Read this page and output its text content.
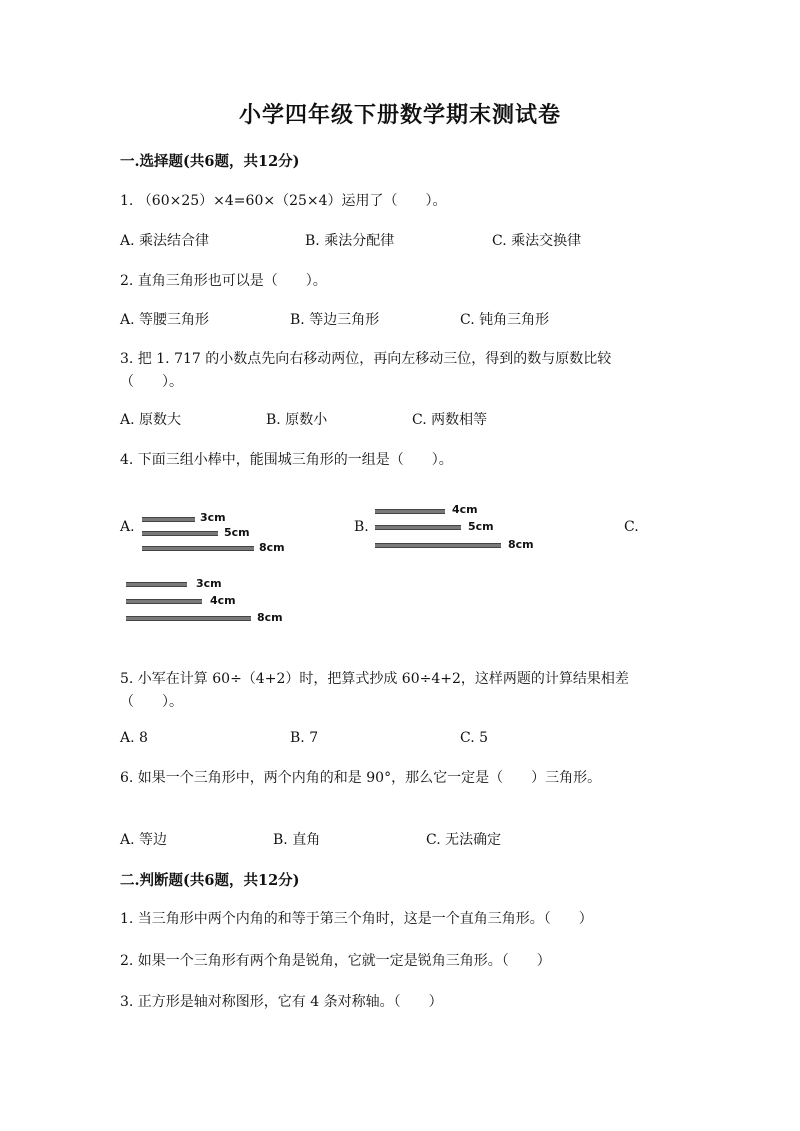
小学四年级下册数学期末测试卷
一.选择题(共6题，共12分)
1. （60×25）×4=60×（25×4）运用了（　　）。
A. 乘法结合律	B. 乘法分配律	C. 乘法交换律
2. 直角三角形也可以是（　　）。
A. 等腰三角形	B. 等边三角形	C. 钝角三角形
3. 把 1. 717 的小数点先向右移动两位，再向左移动三位，得到的数与原数比较
（　　）。
A. 原数大	B. 原数小	C. 两数相等
4. 下面三组小棒中，能围城三角形的一组是（　　）。
A.
3cm
5cm
8cm
B.
4cm
5cm
8cm
C.
3cm
4cm
8cm
5. 小军在计算 60÷（4+2）时，把算式抄成 60÷4+2，这样两题的计算结果相差
（　　）。
A. 8	B. 7	C. 5
6. 如果一个三角形中，两个内角的和是 90°，那么它一定是（　　）三角形。
A. 等边	B. 直角	C. 无法确定
二.判断题(共6题，共12分)
1. 当三角形中两个内角的和等于第三个角时，这是一个直角三角形。（　　）
2. 如果一个三角形有两个角是锐角，它就一定是锐角三角形。（　　）
3. 正方形是轴对称图形，它有 4 条对称轴。（　　）
